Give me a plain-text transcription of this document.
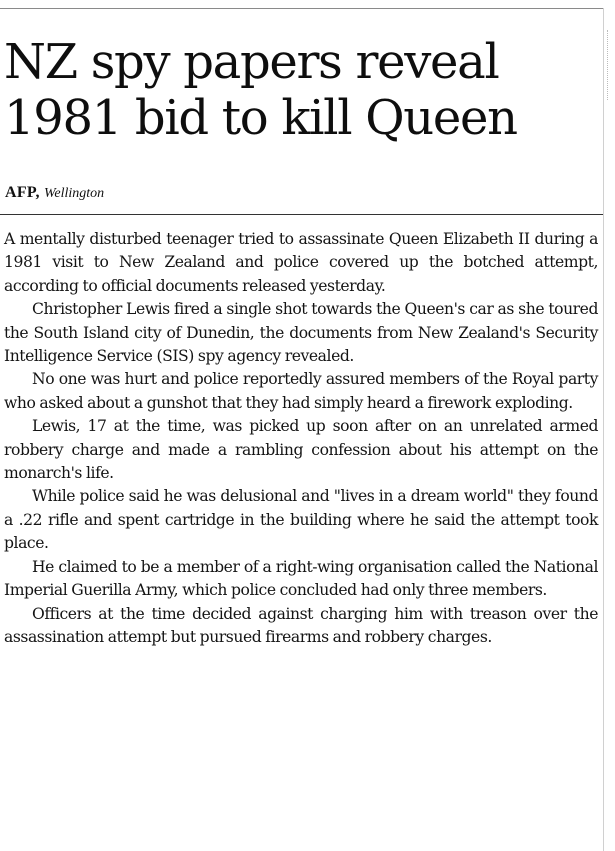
NZ spy papers reveal
1981 bid to kill Queen
AFP, Wellington

A mentally disturbed teenager tried to assassinate Queen Elizabeth II during a 1981 visit to New Zealand and police covered up the botched attempt, according to official documents released yesterday.

Christopher Lewis fired a single shot towards the Queen's car as she toured the South Island city of Dunedin, the documents from New Zealand's Security Intelligence Service (SIS) spy agency revealed.

No one was hurt and police reportedly assured members of the Royal party who asked about a gunshot that they had simply heard a firework exploding.

Lewis, 17 at the time, was picked up soon after on an unrelated armed robbery charge and made a rambling confession about his attempt on the monarch's life.

While police said he was delusional and "lives in a dream world" they found a .22 rifle and spent cartridge in the building where he said the attempt took place.

He claimed to be a member of a right-wing organisation called the National Imperial Guerilla Army, which police concluded had only three members.

Officers at the time decided against charging him with treason over the assassination attempt but pursued firearms and robbery charges.
